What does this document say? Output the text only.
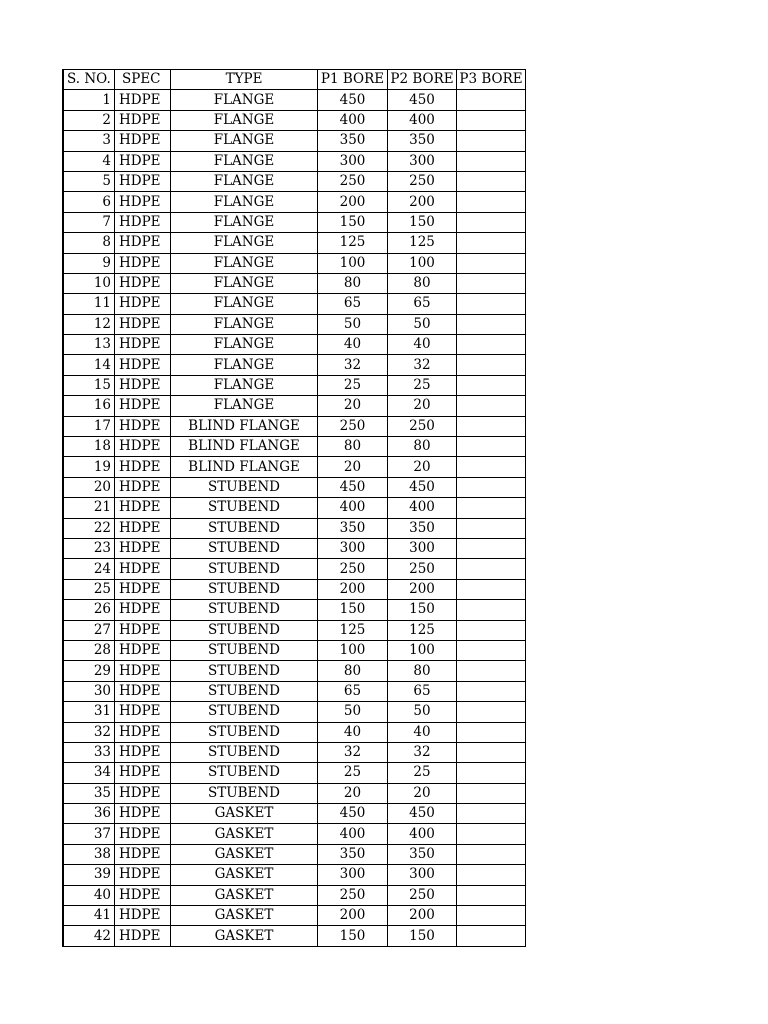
S. NO.	SPEC	TYPE	P1 BORE	P2 BORE	P3 BORE
1	HDPE	FLANGE	450	450	
2	HDPE	FLANGE	400	400	
3	HDPE	FLANGE	350	350	
4	HDPE	FLANGE	300	300	
5	HDPE	FLANGE	250	250	
6	HDPE	FLANGE	200	200	
7	HDPE	FLANGE	150	150	
8	HDPE	FLANGE	125	125	
9	HDPE	FLANGE	100	100	
10	HDPE	FLANGE	80	80	
11	HDPE	FLANGE	65	65	
12	HDPE	FLANGE	50	50	
13	HDPE	FLANGE	40	40	
14	HDPE	FLANGE	32	32	
15	HDPE	FLANGE	25	25	
16	HDPE	FLANGE	20	20	
17	HDPE	BLIND FLANGE	250	250	
18	HDPE	BLIND FLANGE	80	80	
19	HDPE	BLIND FLANGE	20	20	
20	HDPE	STUBEND	450	450	
21	HDPE	STUBEND	400	400	
22	HDPE	STUBEND	350	350	
23	HDPE	STUBEND	300	300	
24	HDPE	STUBEND	250	250	
25	HDPE	STUBEND	200	200	
26	HDPE	STUBEND	150	150	
27	HDPE	STUBEND	125	125	
28	HDPE	STUBEND	100	100	
29	HDPE	STUBEND	80	80	
30	HDPE	STUBEND	65	65	
31	HDPE	STUBEND	50	50	
32	HDPE	STUBEND	40	40	
33	HDPE	STUBEND	32	32	
34	HDPE	STUBEND	25	25	
35	HDPE	STUBEND	20	20	
36	HDPE	GASKET	450	450	
37	HDPE	GASKET	400	400	
38	HDPE	GASKET	350	350	
39	HDPE	GASKET	300	300	
40	HDPE	GASKET	250	250	
41	HDPE	GASKET	200	200	
42	HDPE	GASKET	150	150	
